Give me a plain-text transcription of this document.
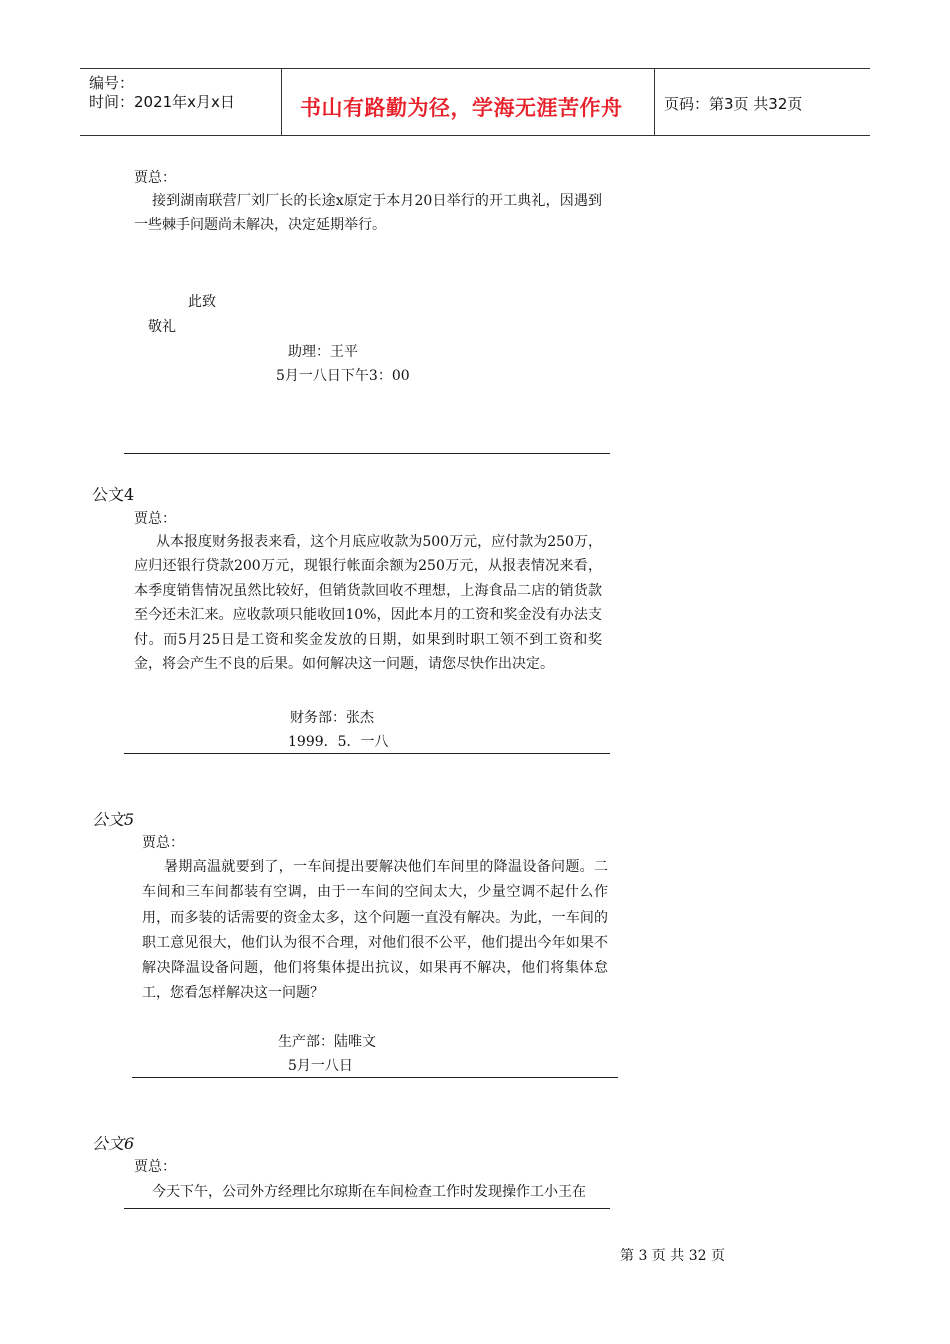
编号：
时间：2021年x月x日	书山有路勤为径，学海无涯苦作舟	页码：第3页 共32页
贾总：
接到湖南联营厂刘厂长的长途x原定于本月20日举行的开工典礼，因遇到一些棘手问题尚未解决，决定延期举行。
此致
敬礼
助理：王平
5月一八日下午3：00
公文4
贾总：
从本报度财务报表来看，这个月底应收款为500万元，应付款为250万，应归还银行贷款200万元，现银行帐面余额为250万元，从报表情况来看，本季度销售情况虽然比较好，但销货款回收不理想，上海食品二店的销货款至今还未汇来。应收款项只能收回10%，因此本月的工资和奖金没有办法支付。而5月25日是工资和奖金发放的日期，如果到时职工领不到工资和奖金，将会产生不良的后果。如何解决这一问题，请您尽快作出决定。
财务部：张杰
1999．5．一八
公文5
贾总：
暑期高温就要到了，一车间提出要解决他们车间里的降温设备问题。二车间和三车间都装有空调，由于一车间的空间太大，少量空调不起什么作用，而多装的话需要的资金太多，这个问题一直没有解决。为此，一车间的职工意见很大，他们认为很不合理，对他们很不公平，他们提出今年如果不解决降温设备问题，他们将集体提出抗议，如果再不解决，他们将集体怠工，您看怎样解决这一问题？
生产部：陆唯文
5月一八日
公文6
贾总：
今天下午，公司外方经理比尔琼斯在车间检查工作时发现操作工小王在
第 3 页 共 32 页
